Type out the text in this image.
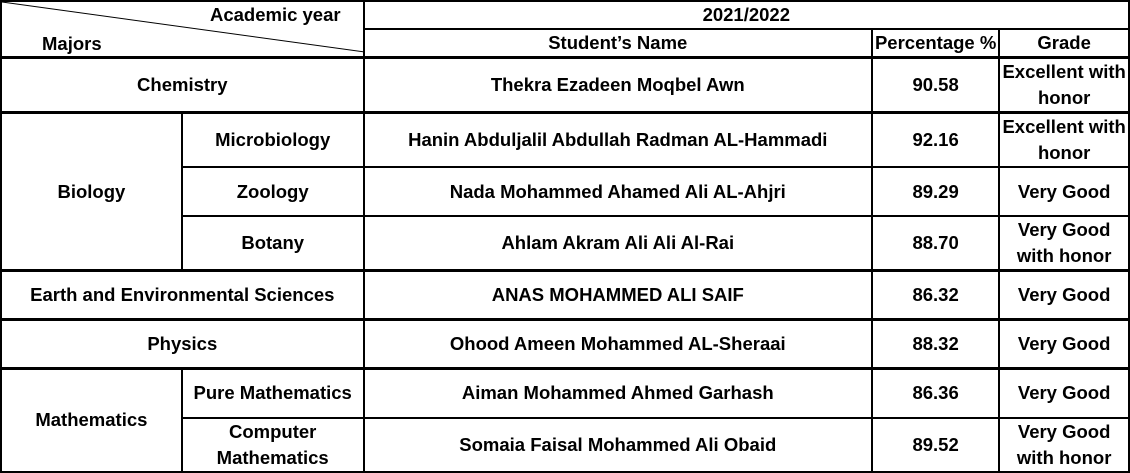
Academic year
Majors		2021/2022		
		Student’s Name	Percentage %	Grade
Chemistry		Thekra Ezadeen Moqbel Awn	90.58	Excellent with honor
Biology	Microbiology	Hanin Abduljalil Abdullah Radman AL-Hammadi	92.16	Excellent with honor
	Zoology	Nada Mohammed Ahamed Ali AL-Ahjri	89.29	Very Good
	Botany	Ahlam Akram Ali Ali Al-Rai	88.70	Very Good with honor
Earth and Environmental Sciences		ANAS MOHAMMED ALI SAIF	86.32	Very Good
Physics		Ohood Ameen Mohammed AL-Sheraai	88.32	Very Good
Mathematics	Pure Mathematics	Aiman Mohammed Ahmed Garhash	86.36	Very Good
	Computer Mathematics	Somaia Faisal Mohammed Ali Obaid	89.52	Very Good with honor
